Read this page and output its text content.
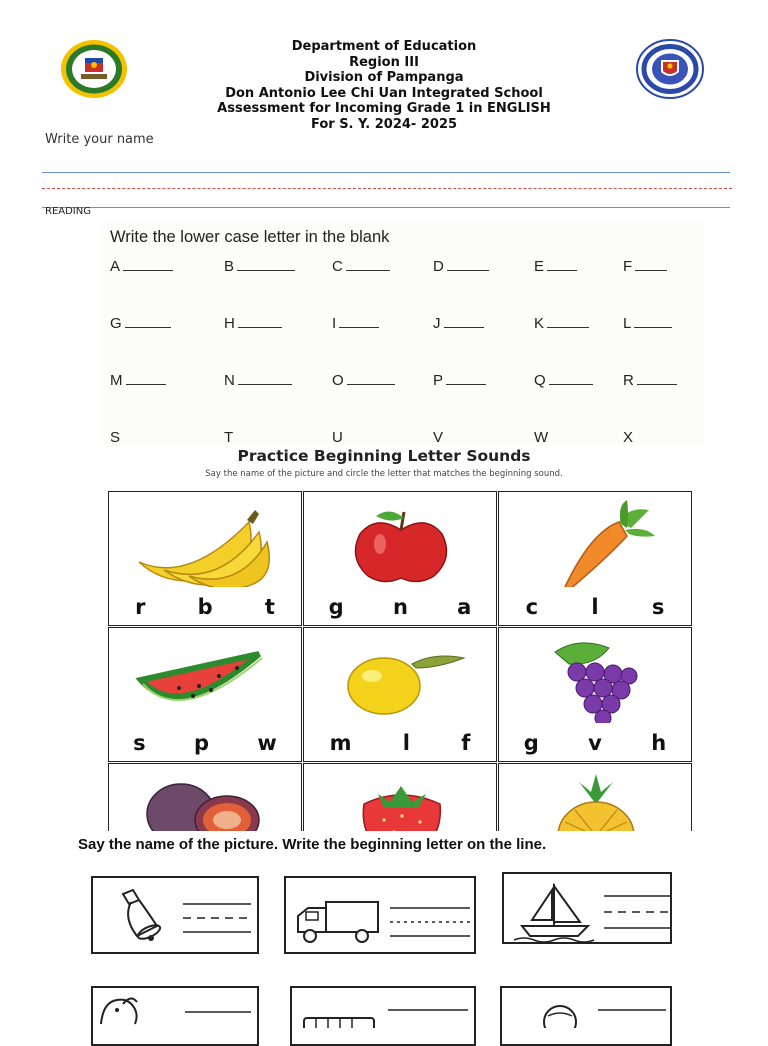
Department of Education
Region III
Division of Pampanga
Don Antonio Lee Chi Uan Integrated School
Assessment for Incoming Grade 1 in ENGLISH
For S. Y. 2024- 2025
Write your name
READING
Write the lower case letter in the blank
A	B	C	D	E	F
G	H	I	J	K	L
M	N	O	P	Q	R
S	T	U	V	W	X
Practice Beginning Letter Sounds
Say the name of the picture and circle the letter that matches the beginning sound.
r b t	g n a	c	l	s
s p w	m l f	g v h
Say the name of the picture. Write the beginning letter on the line.
